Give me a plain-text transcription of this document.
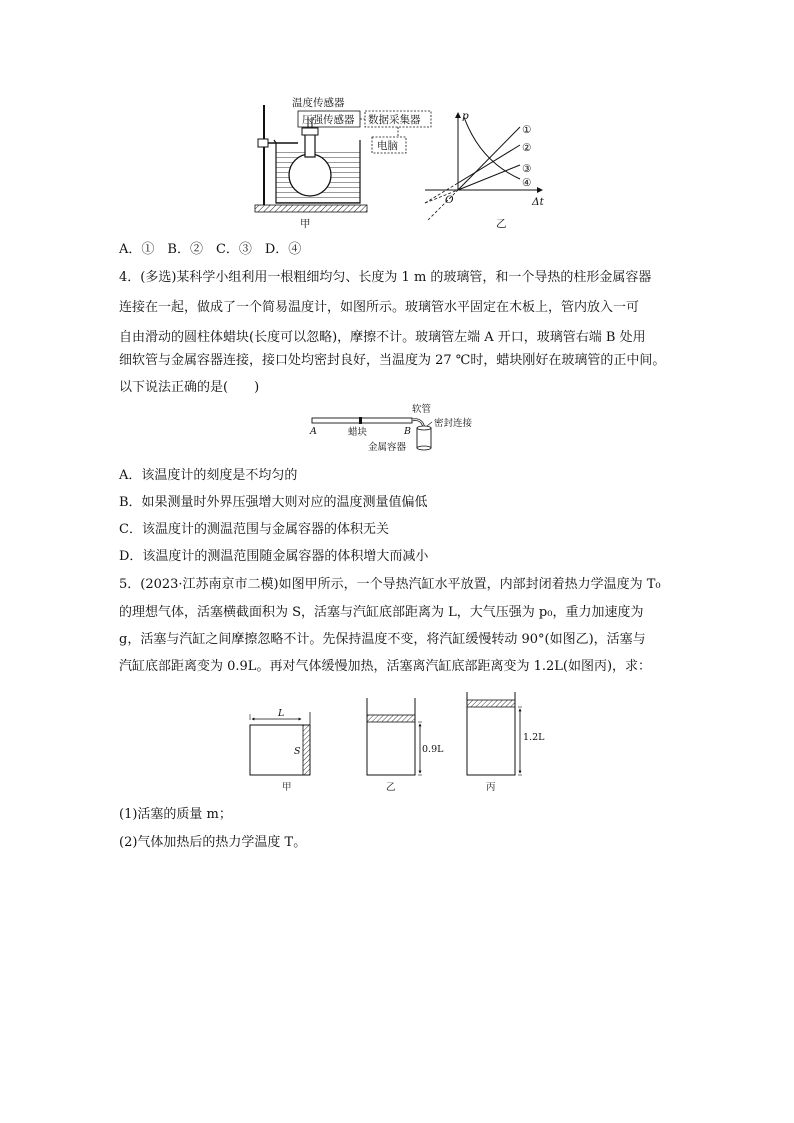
温度传感器
压强传感器 数据采集器
电脑
甲
p
Δt
O
①
②
③
④
乙
A．①　B．②　C．③　D．④
4．(多选)某科学小组利用一根粗细均匀、长度为 1 m 的玻璃管，和一个导热的柱形金属容器
连接在一起，做成了一个简易温度计，如图所示。玻璃管水平固定在木板上，管内放入一可
自由滑动的圆柱体蜡块(长度可以忽略)，摩擦不计。玻璃管左端 A 开口，玻璃管右端 B 处用
细软管与金属容器连接，接口处均密封良好，当温度为 27 ℃时，蜡块刚好在玻璃管的正中间。
以下说法正确的是(　　)
A	B
蜡块
软管
密封连接
金属容器
A．该温度计的刻度是不均匀的
B．如果测量时外界压强增大则对应的温度测量值偏低
C．该温度计的测温范围与金属容器的体积无关
D．该温度计的测温范围随金属容器的体积增大而减小
5．(2023·江苏南京市二模)如图甲所示，一个导热汽缸水平放置，内部封闭着热力学温度为 T₀
的理想气体，活塞横截面积为 S，活塞与汽缸底部距离为 L，大气压强为 p₀，重力加速度为
g，活塞与汽缸之间摩擦忽略不计。先保持温度不变，将汽缸缓慢转动 90°(如图乙)，活塞与
汽缸底部距离变为 0.9L。再对气体缓慢加热，活塞离汽缸底部距离变为 1.2L(如图丙)，求：
L
S
甲
0.9L
乙
1.2L
丙
(1)活塞的质量 m；
(2)气体加热后的热力学温度 T。
